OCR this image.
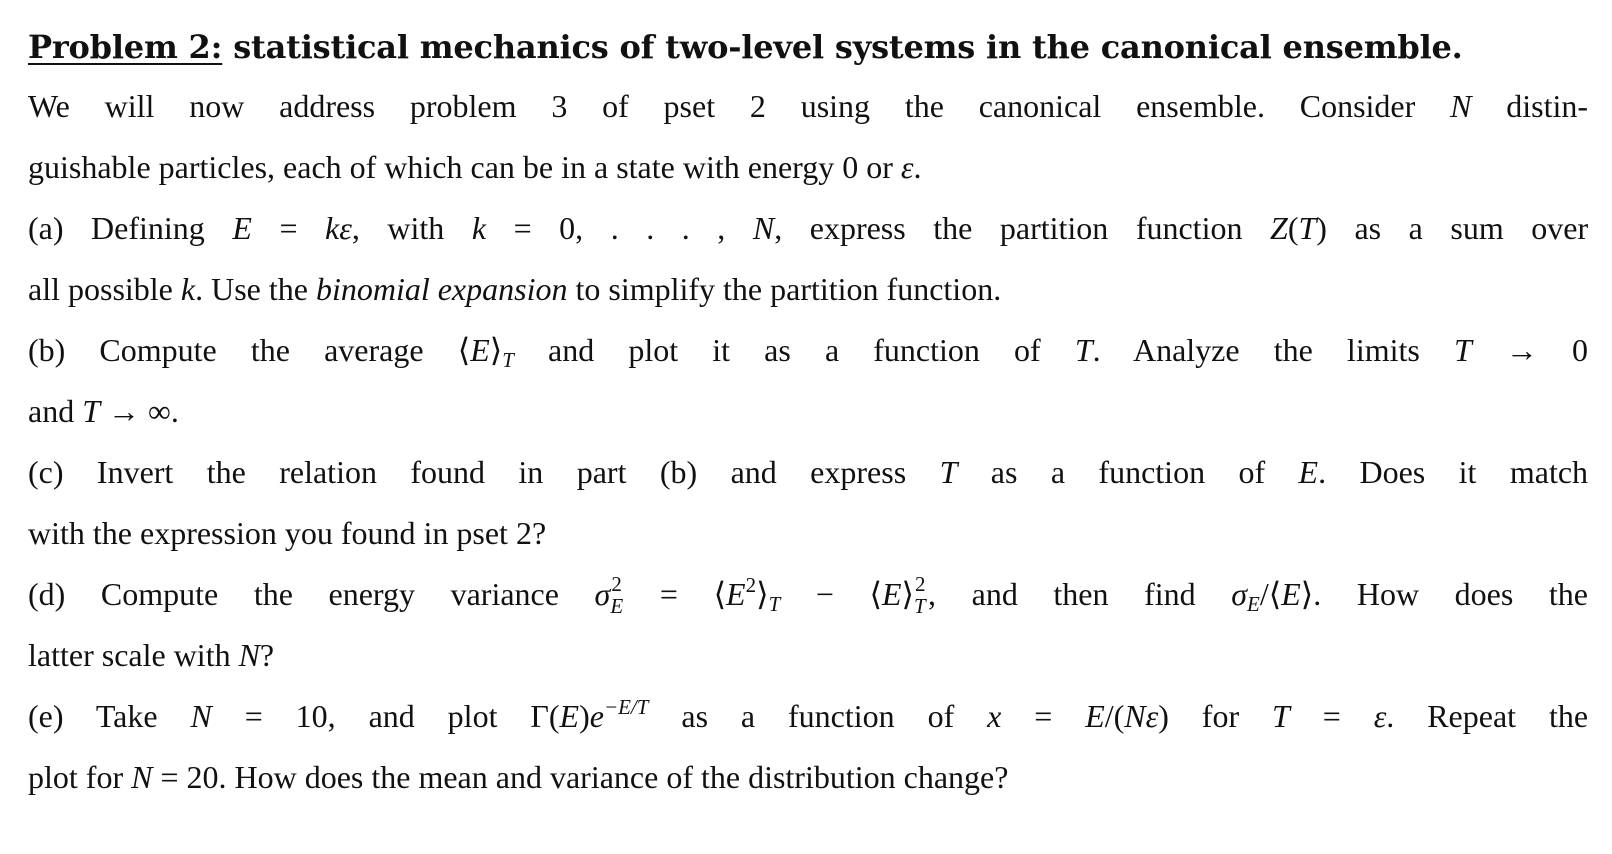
Problem 2: statistical mechanics of two-level systems in the canonical ensemble.
We will now address problem 3 of pset 2 using the canonical ensemble. Consider N distin-
guishable particles, each of which can be in a state with energy 0 or ε.
(a) Defining E = kε, with k = 0, . . . , N, express the partition function Z(T) as a sum over
all possible k. Use the binomial expansion to simplify the partition function.
(b) Compute the average $⟨E⟩_T$ and plot it as a function of T. Analyze the limits T → 0
and T → ∞.
(c) Invert the relation found in part (b) and express T as a function of E. Does it match
with the expression you found in pset 2?
(d) Compute the energy variance σ 2
$E = ⟨E^2⟩_T$ − ⟨E⟩ 2
T , and then find $\sigma_E/⟨E⟩$. How does the
latter scale with N?
(e) Take N = 10, and plot $\Gamma(E)e^{-E/T}$ as a function of x = E/(Nε) for T = ε. Repeat the
plot for N = 20. How does the mean and variance of the distribution change?
